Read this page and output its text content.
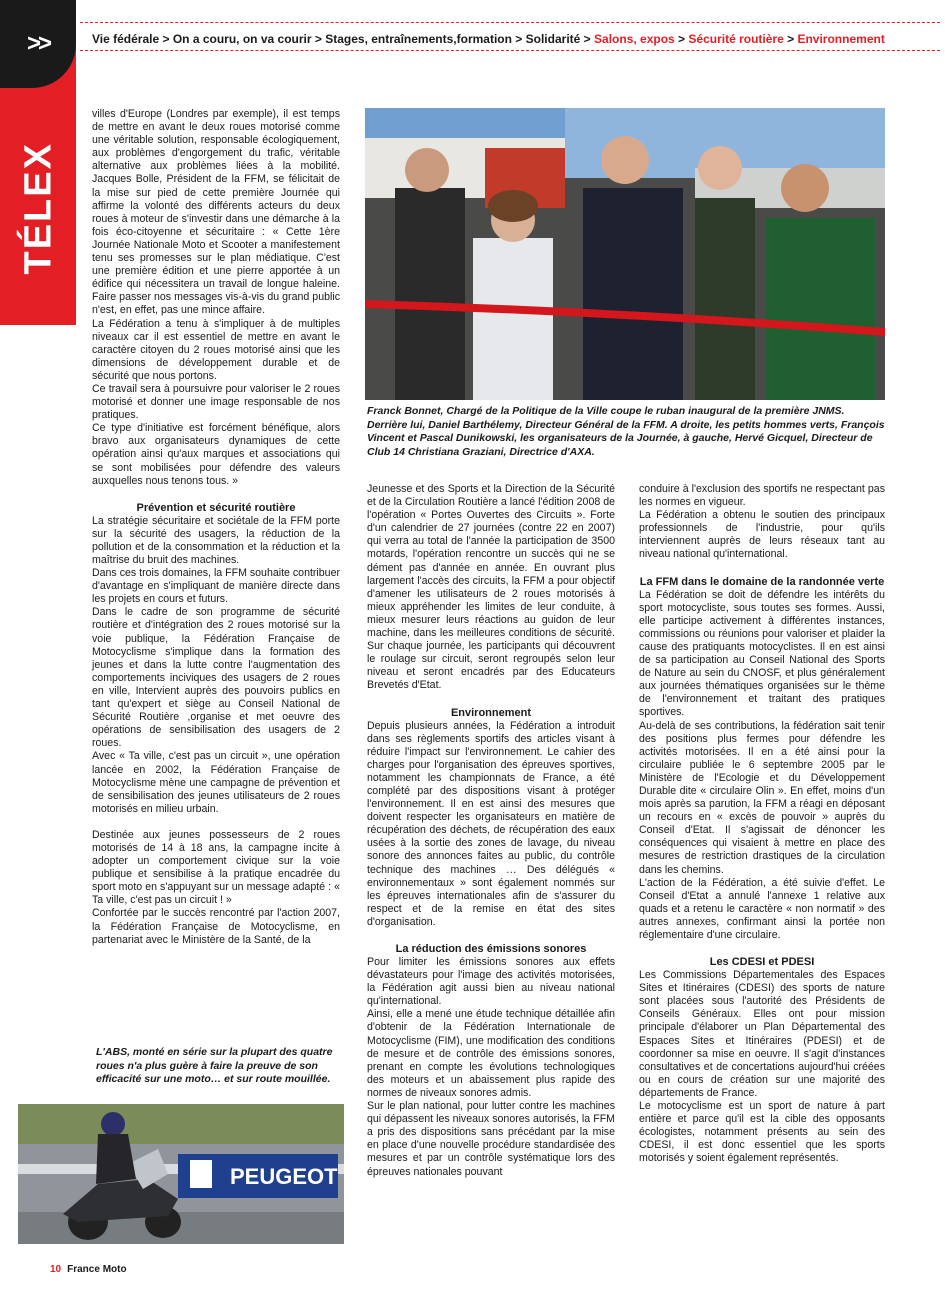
>>
TÉLEX
Vie fédérale > On a couru, on va courir > Stages, entraînements,formation > Solidarité > Salons, expos > Sécurité routière > Environnement

villes d'Europe (Londres par exemple), il est temps de mettre en avant le deux roues motorisé comme une véritable solution, responsable écologiquement, aux problèmes d'engorgement du trafic, véritable alternative aux problèmes liées à la mobilité. Jacques Bolle, Président de la FFM, se félicitait de la mise sur pied de cette première Journée qui affirme la volonté des différents acteurs du deux roues à moteur de s'investir dans une démarche à la fois éco-citoyenne et sécuritaire : « Cette 1ère Journée Nationale Moto et Scooter a manifestement tenu ses promesses sur le plan médiatique. C'est une première édition et une pierre apportée à un édifice qui nécessitera un travail de longue haleine. Faire passer nos messages vis-à-vis du grand public n'est, en effet, pas une mince affaire.

La Fédération a tenu à s'impliquer à de multiples niveaux car il est essentiel de mettre en avant le caractère citoyen du 2 roues motorisé ainsi que les dimensions de développement durable et de sécurité que nous portons.

Ce travail sera à poursuivre pour valoriser le 2 roues motorisé et donner une image responsable de nos pratiques.

Ce type d'initiative est forcément bénéfique, alors bravo aux organisateurs dynamiques de cette opération ainsi qu'aux marques et associations qui se sont mobilisées pour défendre des valeurs auxquelles nous tenons tous. »

Prévention et sécurité routière

La stratégie sécuritaire et sociétale de la FFM porte sur la sécurité des usagers, la réduction de la pollution et de la consommation et la réduction et la maîtrise du bruit des machines.

Dans ces trois domaines, la FFM souhaite contribuer d'avantage en s'impliquant de manière directe dans les projets en cours et futurs.

Dans le cadre de son programme de sécurité routière et d'intégration des 2 roues motorisé sur la voie publique, la Fédération Française de Motocyclisme s'implique dans la formation des jeunes et dans la lutte contre l'augmentation des comportements inciviques des usagers de 2 roues en ville, Intervient auprès des pouvoirs publics en tant qu'expert et siège au Conseil National de Sécurité Routière ,organise et met oeuvre des opérations de sensibilisation des usagers de 2 roues.

Avec « Ta ville, c'est pas un circuit », une opération lancée en 2002, la Fédération Française de Motocyclisme mène une campagne de prévention et de sensibilisation des jeunes utilisateurs de 2 roues motorisés en milieu urbain.

Destinée aux jeunes possesseurs de 2 roues motorisés de 14 à 18 ans, la campagne incite à adopter un comportement civique sur la voie publique et sensibilise à la pratique encadrée du sport moto en s'appuyant sur un message adapté : « Ta ville, c'est pas un circuit ! »

Confortée par le succès rencontré par l'action 2007, la Fédération Française de Motocyclisme, en partenariat avec le Ministère de la Santé, de la

L'ABS, monté en série sur la plupart des quatre roues n'a plus guère à faire la preuve de son efficacité sur une moto… et sur route mouillée.
PEUGEOT
Franck Bonnet, Chargé de la Politique de la Ville coupe le ruban inaugural de la première JNMS. Derrière lui, Daniel Barthélemy, Directeur Général de la FFM. A droite, les petits hommes verts, François Vincent et Pascal Dunikowski, les organisateurs de la Journée, à gauche, Hervé Gicquel, Directeur de Club 14 Christiana Graziani, Directrice d'AXA.

Jeunesse et des Sports et la Direction de la Sécurité et de la Circulation Routière a lancé l'édition 2008 de l'opération « Portes Ouvertes des Circuits ». Forte d'un calendrier de 27 journées (contre 22 en 2007) qui verra au total de l'année la participation de 3500 motards, l'opération rencontre un succès qui ne se dément pas d'année en année. En ouvrant plus largement l'accès des circuits, la FFM a pour objectif d'amener les utilisateurs de 2 roues motorisés à mieux appréhender les limites de leur conduite, à mieux mesurer leurs réactions au guidon de leur machine, dans les meilleures conditions de sécurité. Sur chaque journée, les participants qui découvrent le roulage sur circuit, seront regroupés selon leur niveau et seront encadrés par des Educateurs Brevetés d'Etat.

Environnement

Depuis plusieurs années, la Fédération a introduit dans ses règlements sportifs des articles visant à réduire l'impact sur l'environnement. Le cahier des charges pour l'organisation des épreuves sportives, notamment les championnats de France, a été complété par des dispositions visant à protéger l'environnement. Il en est ainsi des mesures que doivent respecter les organisateurs en matière de récupération des déchets, de récupération des eaux usées à la sortie des zones de lavage, du niveau sonore des annonces faites au public, du contrôle technique des machines … Des délégués « environnementaux » sont également nommés sur les épreuves internationales afin de s'assurer du respect et de la remise en état des sites d'organisation.

La réduction des émissions sonores

Pour limiter les émissions sonores aux effets dévastateurs pour l'image des activités motorisées, la Fédération agit aussi bien au niveau national qu'international.

Ainsi, elle a mené une étude technique détaillée afin d'obtenir de la Fédération Internationale de Motocyclisme (FIM), une modification des conditions de mesure et de contrôle des émissions sonores, prenant en compte les évolutions technologiques des moteurs et un abaissement plus rapide des normes de niveaux sonores admis.

Sur le plan national, pour lutter contre les machines qui dépassent les niveaux sonores autorisés, la FFM a pris des dispositions sans précédant par la mise en place d'une nouvelle procédure standardisée des mesures et par un contrôle systématique lors des épreuves nationales pouvant

conduire à l'exclusion des sportifs ne respectant pas les normes en vigueur.

La Fédération a obtenu le soutien des principaux professionnels de l'industrie, pour qu'ils interviennent auprès de leurs réseaux tant au niveau national qu'international.

La FFM dans le domaine de la randonnée verte

La Fédération se doit de défendre les intérêts du sport motocycliste, sous toutes ses formes. Aussi, elle participe activement à différentes instances, commissions ou réunions pour valoriser et plaider la cause des pratiquants motocyclistes. Il en est ainsi de sa participation au Conseil National des Sports de Nature au sein du CNOSF, et plus généralement aux journées thématiques organisées sur le thème de l'environnement et traitant des pratiques sportives.

Au-delà de ses contributions, la fédération sait tenir des positions plus fermes pour défendre les activités motorisées. Il en a été ainsi pour la circulaire publiée le 6 septembre 2005 par le Ministère de l'Ecologie et du Développement Durable dite « circulaire Olin ». En effet, moins d'un mois après sa parution, la FFM a réagi en déposant un recours en « excès de pouvoir » auprès du Conseil d'Etat. Il s'agissait de dénoncer les conséquences qui visaient à mettre en place des mesures de restriction drastiques de la circulation dans les chemins.

L'action de la Fédération, a été suivie d'effet. Le Conseil d'Etat a annulé l'annexe 1 relative aux quads et a retenu le caractère « non normatif » des autres annexes, confirmant ainsi la portée non réglementaire d'une circulaire.

Les CDESI et PDESI

Les Commissions Départementales des Espaces Sites et Itinéraires (CDESI) des sports de nature sont placées sous l'autorité des Présidents de Conseils Généraux. Elles ont pour mission principale d'élaborer un Plan Départemental des Espaces Sites et Itinéraires (PDESI) et de coordonner sa mise en oeuvre. Il s'agit d'instances consultatives et de concertations aujourd'hui créées ou en cours de création sur une majorité des départements de France.

Le motocyclisme est un sport de nature à part entière et parce qu'il est la cible des opposants écologistes, notamment présents au sein des CDESI, il est donc essentiel que les sports motorisés y soient également représentés.

10 France Moto
